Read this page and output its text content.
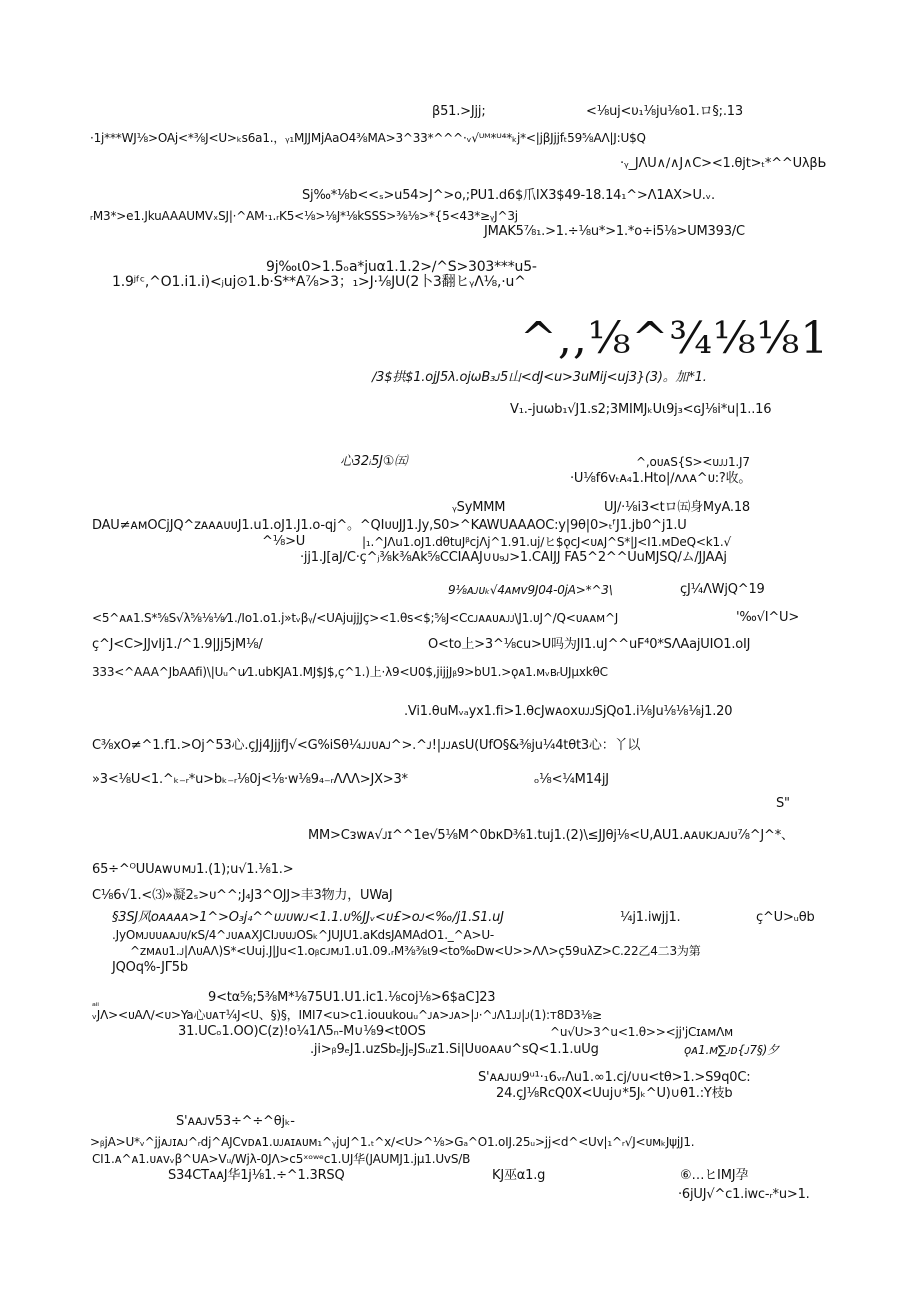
β51.>Jjj;	<⅛uj<υ₁⅛ju⅛o1.ロ§;.13
·1j***WJ⅛>OAj<*⅜J<U>ₖs6a1.，ᵧ₁MJJMjAaO4⅜MA>3^33*^^^·ᵥ√ᵁᴹ*ᵁ⁴*ₖj*<|jβJjjfₜ59⅝AΛ|J:U$Q
·ᵧ_JΛU∧∕∧J∧C><1.θjt>ₜ*^^UλβЬ
Sj‰*⅛b<<ₛ>u54>J^>o,;PU1.d6$爪IX3$49-18.14₁^>Λ1AX>U.ᵥ.
ᵣM3*>e1.JkuAAAUMVₓSJ|·^AM·₁.ᵣK5<⅛>⅛J*⅛kSSS>⅜⅛>*{5<43*≥ᵧJ^3j
JMAK5⅞₁.>1.÷⅛u*>1.*o÷i5⅛>UM393/C
9j‰ι0>1.5ₒa*juα1.1.2>∕^S>303***u5-
1.9ʲᶠᶜ,^O1.i1.i)<ⱼuj⊙1.b·S**A⅞>3；₁>J·⅛JU(2卜3翻ヒᵧΛ⅛,·u^
^,,⅛^¾⅛⅛1
∕3$拱$1.ojJ5λ.ojωB₃ᴊ5山<dJ<u>3uMij<uj3}(3)。加*1.
V₁.-juωb₁√J1.s2;3MIMJₖUι9j₃<ɢJ⅛i*u|1..16
心32ᵢ5J①㈤	^,ᴏᴜᴀS{S><ᴜᴊᴊ1.J7
·U⅛f6vₜᴀ₄1.Hto|∕ʌʌᴀ^ᴜ:?收。
ᵧSyMMM	UJ∕·⅛i3<tロ㈤身MyA.18
DAU≠ᴀᴍOCjJQ^ᴢᴀᴀᴀᴜᴜJ1.u1.oJ1.J1.o-qj^。^QIᴜᴜJJ1.Jy,S0>^KAWUAAAOC:y|9θ|0>ₜᶠJ1.jb0^j1.U
^⅛>U	|₁.^JΛu1.oJ1.dθtuJᵝcjΛj^1.91.uj∕ヒ$ǫᴄJ<ᴜᴀJ^S*|J<I1.ᴍDeQ<k1.√
·jj1.J[aJ/C·ç^ⱼ⅜k⅜Ak⅝CCIAAJ∪ᴜ₉ᴊ>1.CAIJJ FA5^2^^UuMJSQ/ム/JJAAj
9⅛ᴀᴊᴜₖ√4ᴀᴍv9J04-0jA>*^3\	çJ¼ΛWjQ^19
<5^ᴀᴀ1.S*⅝S√λ⅝⅛⅛⁄1./Io1.o1.j»tᵥβᵧ/<UAjujjJç><1.θs<$;⅝J<Cᴄᴊᴀᴀᴜᴀᴊᴊ\J1.ᴜJ^/Q<ᴜᴀᴀᴍ^J	'‰√I^U>
ç^J<C>JJvIj1./^1.9|Jj5jM⅛/	O<to上>3^⅛cu>U吗为JI1.uJ^^uF⁴0*SΛAajUIO1.oIJ
333<^AAA^JbAAfi)\|Uᵤ^u⁄1.ubKJA1.MJ$J$,ç^1.)上·λ9<U0$,jijjJᵦ9>bU1.>ǫᴀ1.ᴍᵥʙᵣUJμxkθC
.Vi1.θuMᵥₐyx1.fi>1.θcJwᴀᴏxᴜᴊᴊSjQo1.i⅛Ju⅛⅛⅛j1.20
C⅜xO≠^1.f1.>Oj^53心.çJj4JjjfJ√<G%iSθ¼ᴊᴊᴜᴀᴊ^>.^ᴊ!|ᴊᴊᴀsU(UfO§&⅜ju¼4tθt3心：丫以
»3<⅛U<1.^ₖ₋ᵣ*u>bₖ₋ᵣ⅛0j<⅛·w⅛9₄₋ᵣΛΛΛ>JX>3*	ₒ⅛<¼M14jJ
S"
MM>Cᴈᴡᴀ√ᴊɪ^^1e√5⅛M^0bκD⅜1.tuj1.(2)\≤JJθj⅛<U,AU1.ᴀᴀᴜᴋᴊᴀᴊᴜ⅞^J^*、
65÷^ᴼUUᴀᴡ∪ᴍᴊ1.(1);u√1.⅛1.>
C⅛6√1.<⑶»凝2ₛ>ᴜ^^;J₄J3^OJJ>丰3物力，UWaJ
§3SJ风ᴏᴀᴀᴀᴀ>1^>O₃j₄^^ᴜᴊᴜᴡᴊ<1.1.ᴜ%JJᵥ<ᴜ£>ᴏᴊ<‰∕j1.S1.uJ	¼j1.iwjj1.	ç^U>ᵤθb
.JyOᴍᴊᴜᴜᴀᴀᴊᴜ∕ᴋS/4^ᴊᴜᴀᴀXJCIᴊᴜᴜᴊOSₖ^JUJU1.aKdsJAMAdO1._^A>U-
^ᴢᴍᴀᴜ1.ᴊ|ΛᴜAΛ)S*<Uuj.J|Ju<1.oᵦᴄᴊᴍᴊ1.ᴜ1.09.ᵣM⅜⅜ι9<to‰Dw<U>>ΛΛ>ç59uλZ>C.22乙4二3为第
JQOq%-JΓ5b
ₐᵢᵢ	9<tα⅝;5⅜M*⅛75U1.U1.ic1.⅛coj⅛>6$aC]23
ᵥJΛ><ᴜAΛ∕<ᴜ>Ya心ᴜᴀᴛ¼J<U、§)§，IMI7<u>c1.iouukouᵤ^ᴊᴀ>ᴊᴀ>|ᴊ·^ᴊΛ1ᴊᴊ|ᴊ(1):ᴛ8D3⅛≥
31.UCₒ1.OO)C(ᴢ)!ᴏ¼1Λ5ₙ-M∪⅛9<t0OS	^u√U>3^u<1.θ>><jj'jCɪᴀᴍΛᴍ
.ji>ᵦ9ₑJ1.uzSbₑJjₑJSᵤᴢ1.Si|Uᴜᴏᴀᴀᴜ^sQ<1.1.uUg	ǫᴀ1.ᴍ∑ᴊᴅ{ᴊ7§)夕
S'ᴀᴀᴊᴜᴊ9ᵘ¹·₁6ᵥᵣΛu1.∞1.cj∕∪u<tθ>1.>S9q0C:
24.çJ⅛RcQ0X<Uuj∪*5Jₖ^U)∪θ1.:Y枝b
S'ᴀᴀᴊᴠ53÷^÷^θjₖ-
>ᵦjA>U*ᵥ^jjᴀᴊɪᴀᴊ^ᵣdj^AJCᴠᴅᴀ1.ᴜᴊᴀɪᴀᴜᴍ₁^ᵧjuJ^1.ₜ^x∕<U>^⅛>Gₐ^O1.oIJ.25ᵤ>jj<d^<Uv|₁^ᵣ√J<ᴜᴍₖJψjJ1.
CI1.ᴀ^ᴀ1.ᴜᴀᴠᵥβ^UA>Vᵤ∕Wjλ-0JΛ>c5ˣᵒʷᵉc1.UJ华(JAUMJ1.jμ1.UvS/B
S34CTᴀᴀJ华1j⅛1.÷^1.3RSQ	KJ巫α1.g	⑥…ヒIMJ孕
·6jUJ√^c1.iwᴄ-ᵣ*u>1.
